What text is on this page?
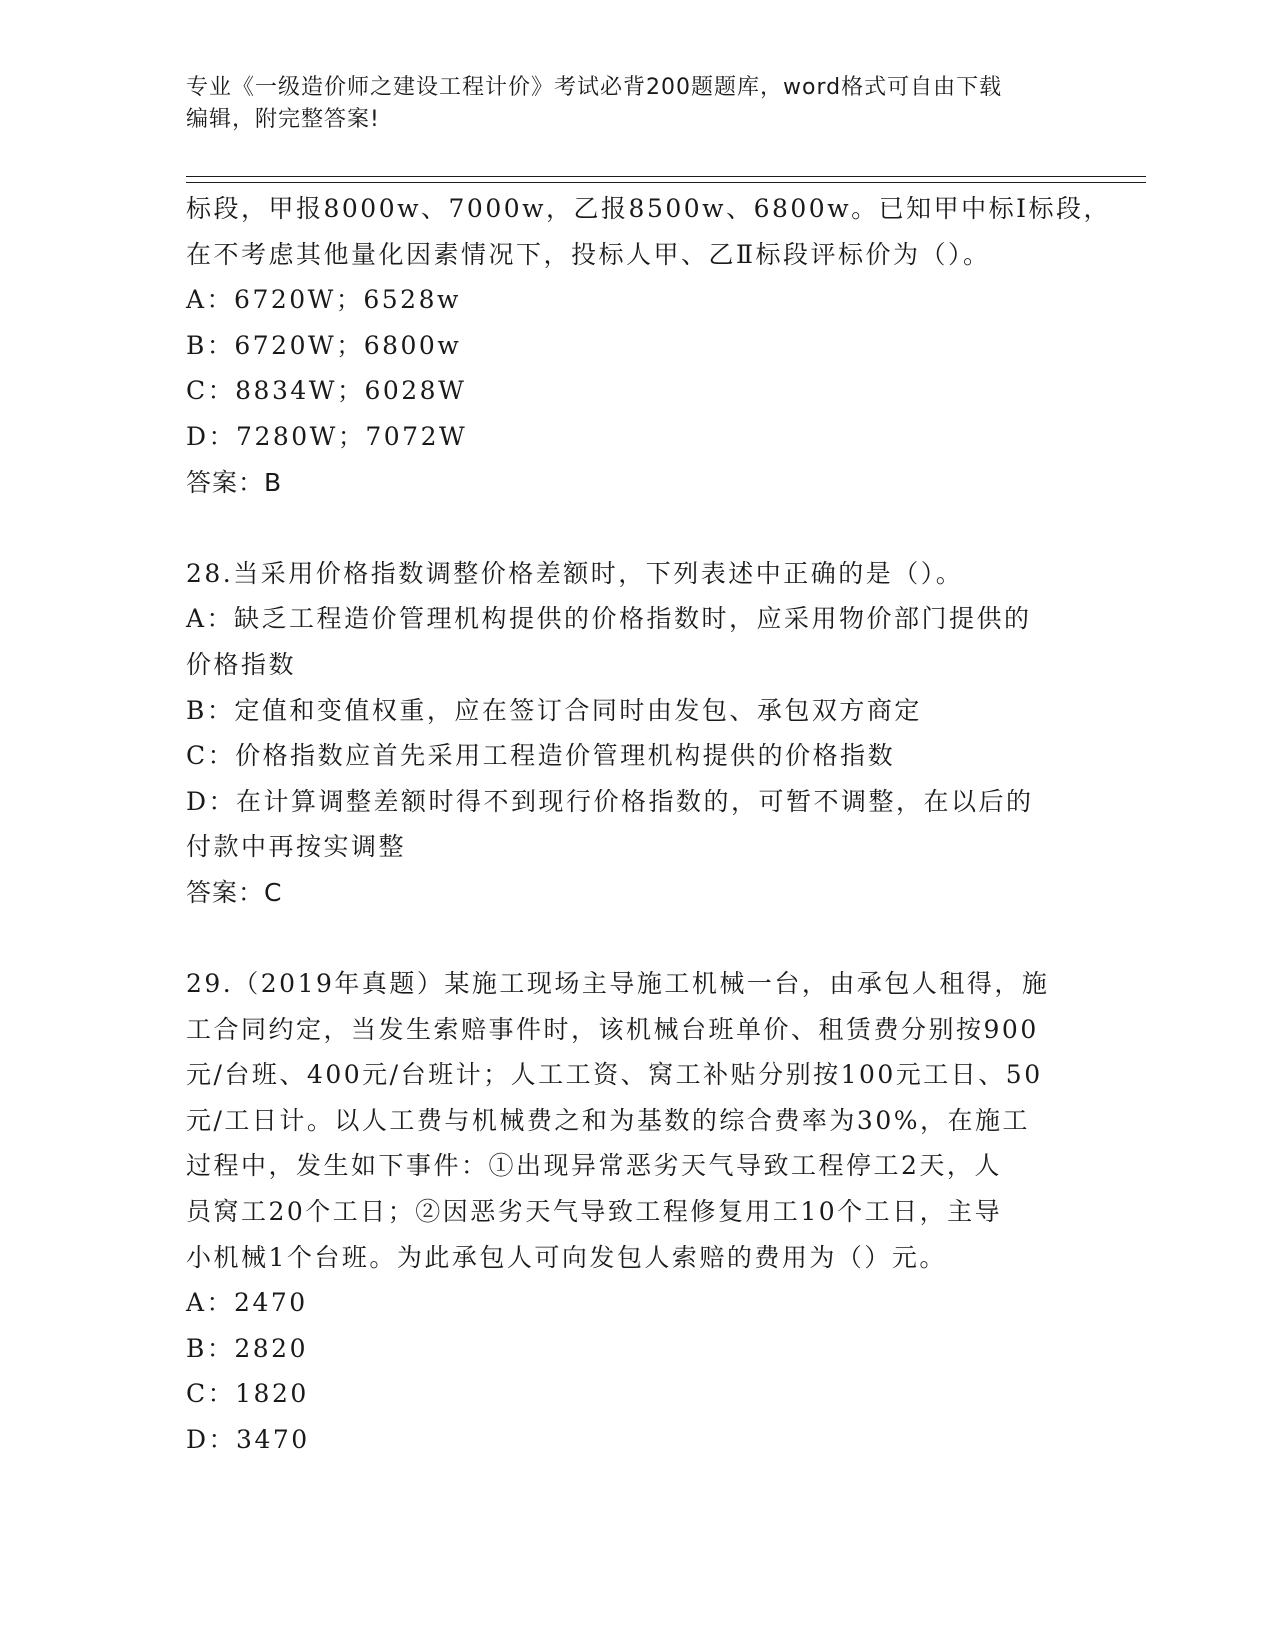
专业《一级造价师之建设工程计价》考试必背200题题库，word格式可自由下载
编辑，附完整答案!
标段，甲报8000w、7000w，乙报8500w、6800w。已知甲中标Ⅰ标段，
在不考虑其他量化因素情况下，投标人甲、乙Ⅱ标段评标价为（）。
A：6720W；6528w
B：6720W；6800w
C：8834W；6028W
D：7280W；7072W
答案：B
28.当采用价格指数调整价格差额时，下列表述中正确的是（）。
A：缺乏工程造价管理机构提供的价格指数时，应采用物价部门提供的
价格指数
B：定值和变值权重，应在签订合同时由发包、承包双方商定
C：价格指数应首先采用工程造价管理机构提供的价格指数
D：在计算调整差额时得不到现行价格指数的，可暂不调整，在以后的
付款中再按实调整
答案：C
29.（2019年真题）某施工现场主导施工机械一台，由承包人租得，施
工合同约定，当发生索赔事件时，该机械台班单价、租赁费分别按900
元/台班、400元/台班计；人工工资、窝工补贴分别按100元工日、50
元/工日计。以人工费与机械费之和为基数的综合费率为30%，在施工
过程中，发生如下事件：①出现异常恶劣天气导致工程停工2天，人
员窝工20个工日；②因恶劣天气导致工程修复用工10个工日，主导
小机械1个台班。为此承包人可向发包人索赔的费用为（）元。
A：2470
B：2820
C：1820
D：3470
